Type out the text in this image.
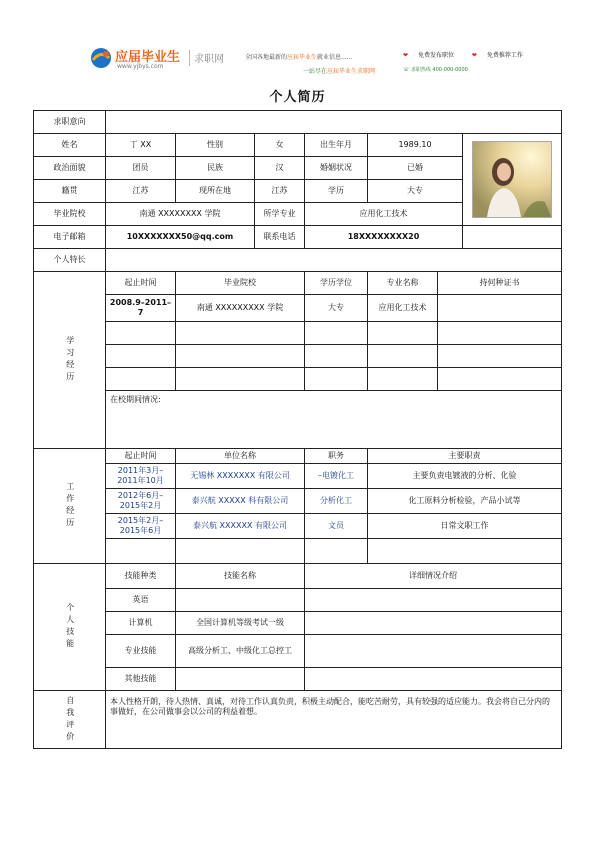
应届毕业生
www.yjbys.com
求职网	全国各地最新的应届毕业生就业信息......
一站尽在应届毕业生求职网
❤ 免费发布职位	❤ 免费推荐工作
☏ 求职热线 400-000-0000
个人简历
求职意向							
姓名	丁 XX	性别	女	出生年月	1989.10	

政治面貌	团员	民族	汉	婚姻状况	已婚		
籍贯	江苏	现所在地	江苏	学历	大专		
毕业院校	南通 XXXXXXXX 学院		所学专业	应用化工技术			
电子邮箱	10XXXXXXX50@qq.com		联系电话	18XXXXXXXX20			
个人特长							
学习经历	起止时间	毕业院校		学历学位	专业名称	持何种证书	
	2008.9–2011–7	南通 XXXXXXXXX 学院		大专	应用化工技术		

	在校期间情况:						
工作经历	起止时间	单位名称		职务	主要职责		
	2011年3月–2011年10月	无锡林 XXXXXXX 有限公司		–电镀化工	主要负责电镀液的分析、化验		
	2012年6月–2015年2月	泰兴航 XXXXX 科有限公司		分析化工	化工原料分析检验，产品小试等		
	2015年2月–2015年6月	泰兴航 XXXXXX 有限公司		文员	日常文职工作		

个人技能	技能种类	技能名称		详细情况介绍			
	英语						
	计算机	全国计算机等级考试一级					
	专业技能	高级分析工、中级化工总控工					
	其他技能						
自我评价	本人性格开朗，待人热情、真诚，对待工作认真负责，积极主动配合，能吃苦耐劳，具有较强的适应能力。我会将自己分内的事做好，在公司做事会以公司的利益着想。						
